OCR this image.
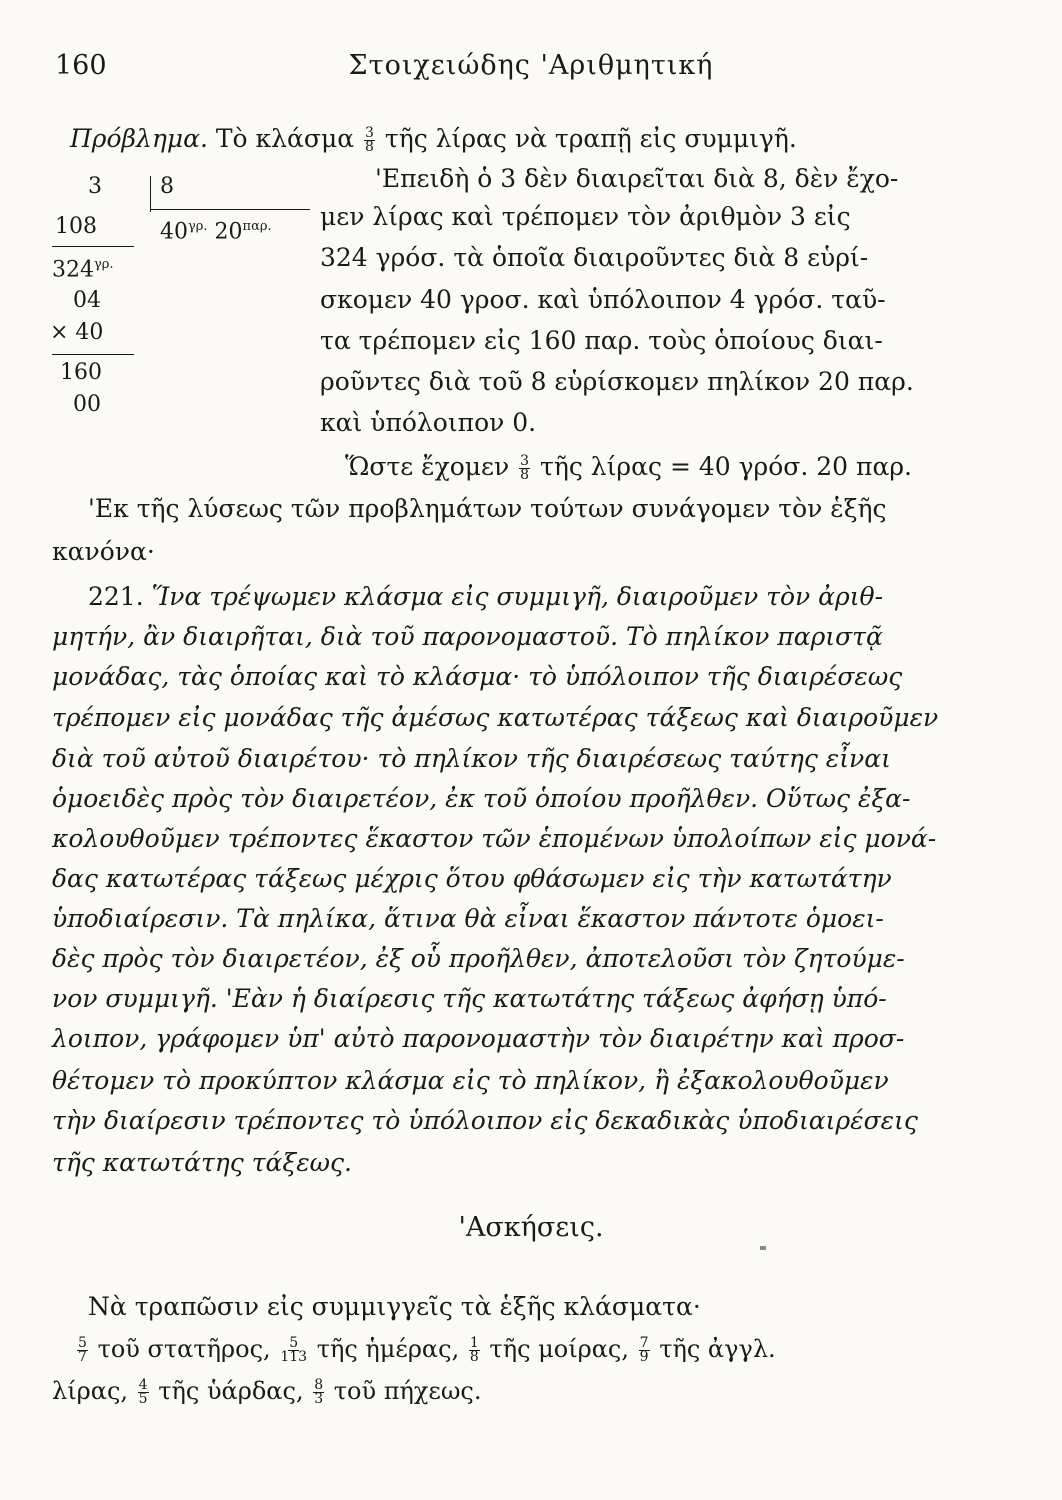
160	Στοιχειώδης 'Αριθμητική
Πρόβλημα. Τὸ κλάσμα $\frac{3}{8}$ τῆς λίρας νὰ τραπῇ εἰς συμμιγῆ.
3	8
$40^{\gamma\rho.}$ $20^{\pi\alpha\rho.}$
108
$324^{\gamma\rho.}$
04
× 40
160
00
'Επειδὴ ὁ 3 δὲν διαιρεῖται διὰ 8, δὲν ἔχο-
μεν λίρας καὶ τρέπομεν τὸν ἀριθμὸν 3 εἰς
324 γρόσ. τὰ ὁποῖα διαιροῦντες διὰ 8 εὑρί-
σκομεν 40 γροσ. καὶ ὑπόλοιπον 4 γρόσ. ταῦ-
τα τρέπομεν εἰς 160 παρ. τοὺς ὁποίους διαι-
ροῦντες διὰ τοῦ 8 εὑρίσκομεν πηλίκον 20 παρ.
καὶ ὑπόλοιπον 0.
Ὥστε ἔχομεν $\frac{3}{8}$ τῆς λίρας = 40 γρόσ. 20 παρ.
'Εκ τῆς λύσεως τῶν προβλημάτων τούτων συνάγομεν τὸν ἑξῆς
κανόνα·
221. Ἵνα τρέψωμεν κλάσμα εἰς συμμιγῆ, διαιροῦμεν τὸν ἀριθ-
μητήν, ἂν διαιρῆται, διὰ τοῦ παρονομαστοῦ. Τὸ πηλίκον παριστᾷ
μονάδας, τὰς ὁποίας καὶ τὸ κλάσμα· τὸ ὑπόλοιπον τῆς διαιρέσεως
τρέπομεν εἰς μονάδας τῆς ἀμέσως κατωτέρας τάξεως καὶ διαιροῦμεν
διὰ τοῦ αὐτοῦ διαιρέτου· τὸ πηλίκον τῆς διαιρέσεως ταύτης εἶναι
ὁμοειδὲς πρὸς τὸν διαιρετέον, ἐκ τοῦ ὁποίου προῆλθεν. Οὕτως ἐξα-
κολουθοῦμεν τρέποντες ἕκαστον τῶν ἑπομένων ὑπολοίπων εἰς μονά-
δας κατωτέρας τάξεως μέχρις ὅτου φθάσωμεν εἰς τὴν κατωτάτην
ὑποδιαίρεσιν. Τὰ πηλίκα, ἅτινα θὰ εἶναι ἕκαστον πάντοτε ὁμοει-
δὲς πρὸς τὸν διαιρετέον, ἐξ οὗ προῆλθεν, ἀποτελοῦσι τὸν ζητούμε-
νον συμμιγῆ. 'Εὰν ἡ διαίρεσις τῆς κατωτάτης τάξεως ἀφήσῃ ὑπό-
λοιπον, γράφομεν ὑπ' αὐτὸ παρονομαστὴν τὸν διαιρέτην καὶ προσ-
θέτομεν τὸ προκύπτον κλάσμα εἰς τὸ πηλίκον, ἢ ἐξακολουθοῦμεν
τὴν διαίρεσιν τρέποντες τὸ ὑπόλοιπον εἰς δεκαδικὰς ὑποδιαιρέσεις
τῆς κατωτάτης τάξεως.
'Ασκήσεις.
Νὰ τραπῶσιν εἰς συμμιγγεῖς τὰ ἑξῆς κλάσματα·
$\frac{5}{7}$ τοῦ στατῆρος, $\frac{5}{113}$ τῆς ἡμέρας, $\frac{1}{8}$ τῆς μοίρας, $\frac{7}{9}$ τῆς ἀγγλ.
λίρας, $\frac{4}{5}$ τῆς ὑάρδας, $\frac{8}{3}$ τοῦ πήχεως.
